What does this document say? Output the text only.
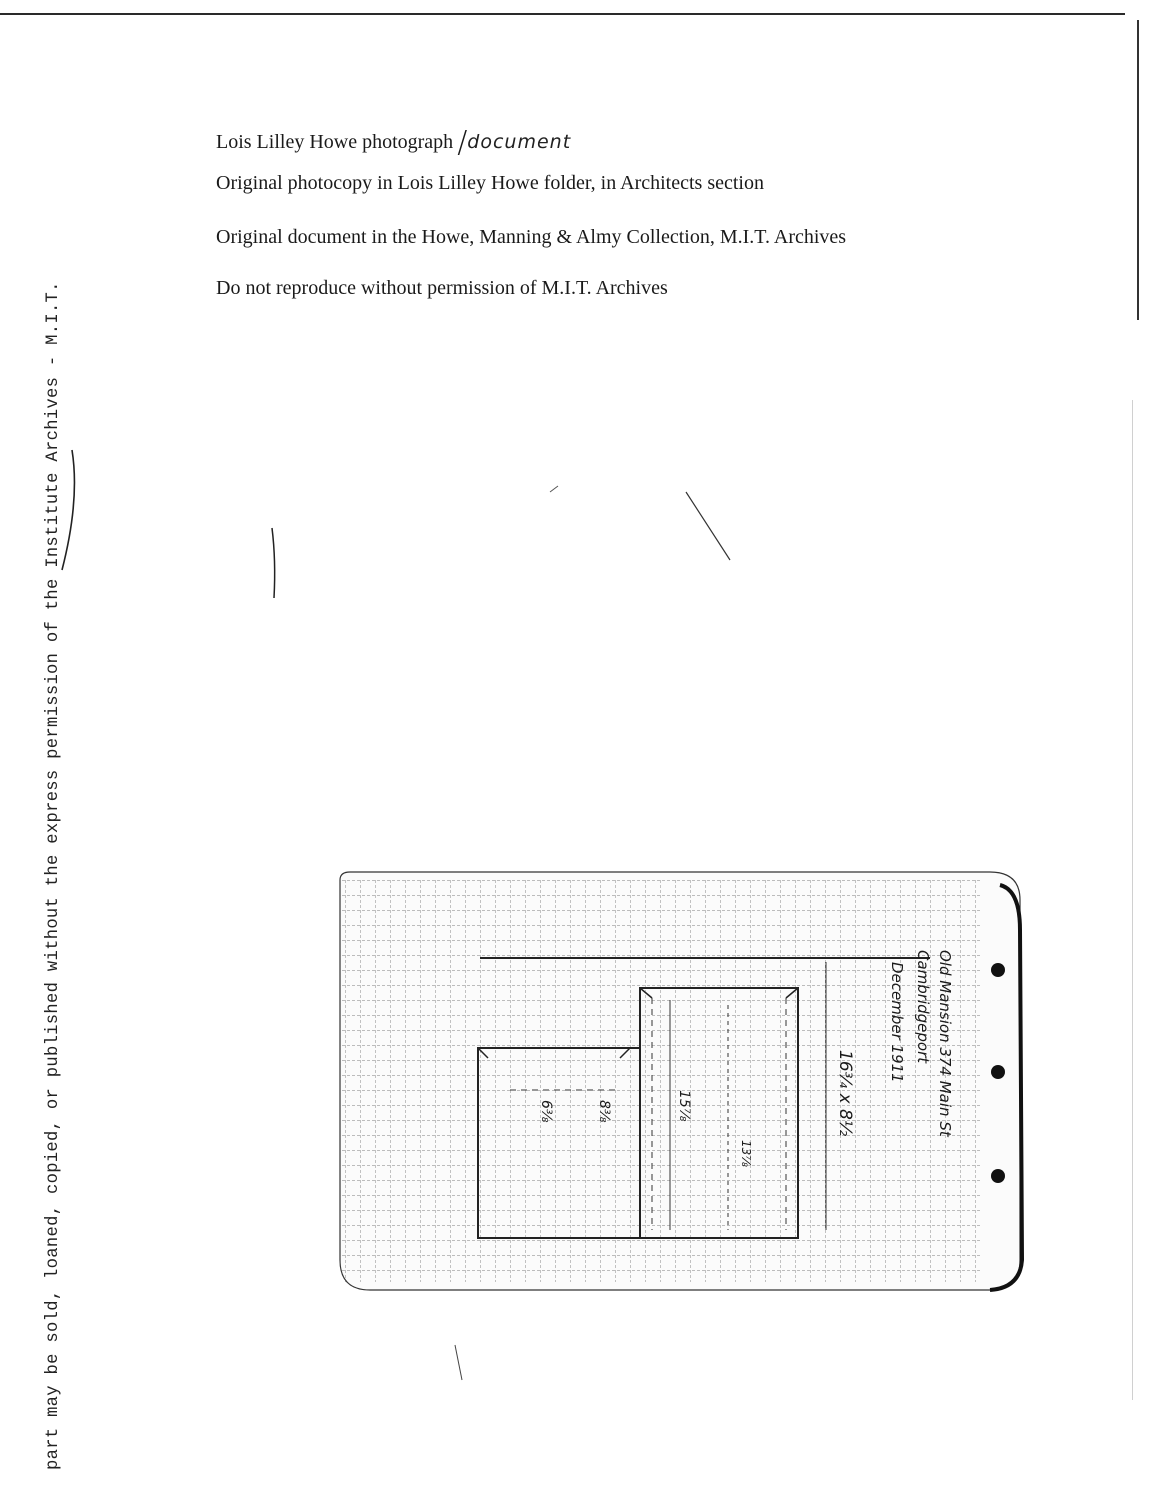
Lois Lilley Howe photograph /document
Original photocopy in Lois Lilley Howe folder, in Architects section
Original document in the Howe, Manning & Almy Collection, M.I.T. Archives
Do not reproduce without permission of M.I.T. Archives
part may be sold, loaned, copied, or published without the express permission of the Institute Archives - M.I.T.	Old Mansion 374 Main St
Cambridgeport
December 1911
16¾ x 8½
15⅞
13⅞
8⅜
6⅜
